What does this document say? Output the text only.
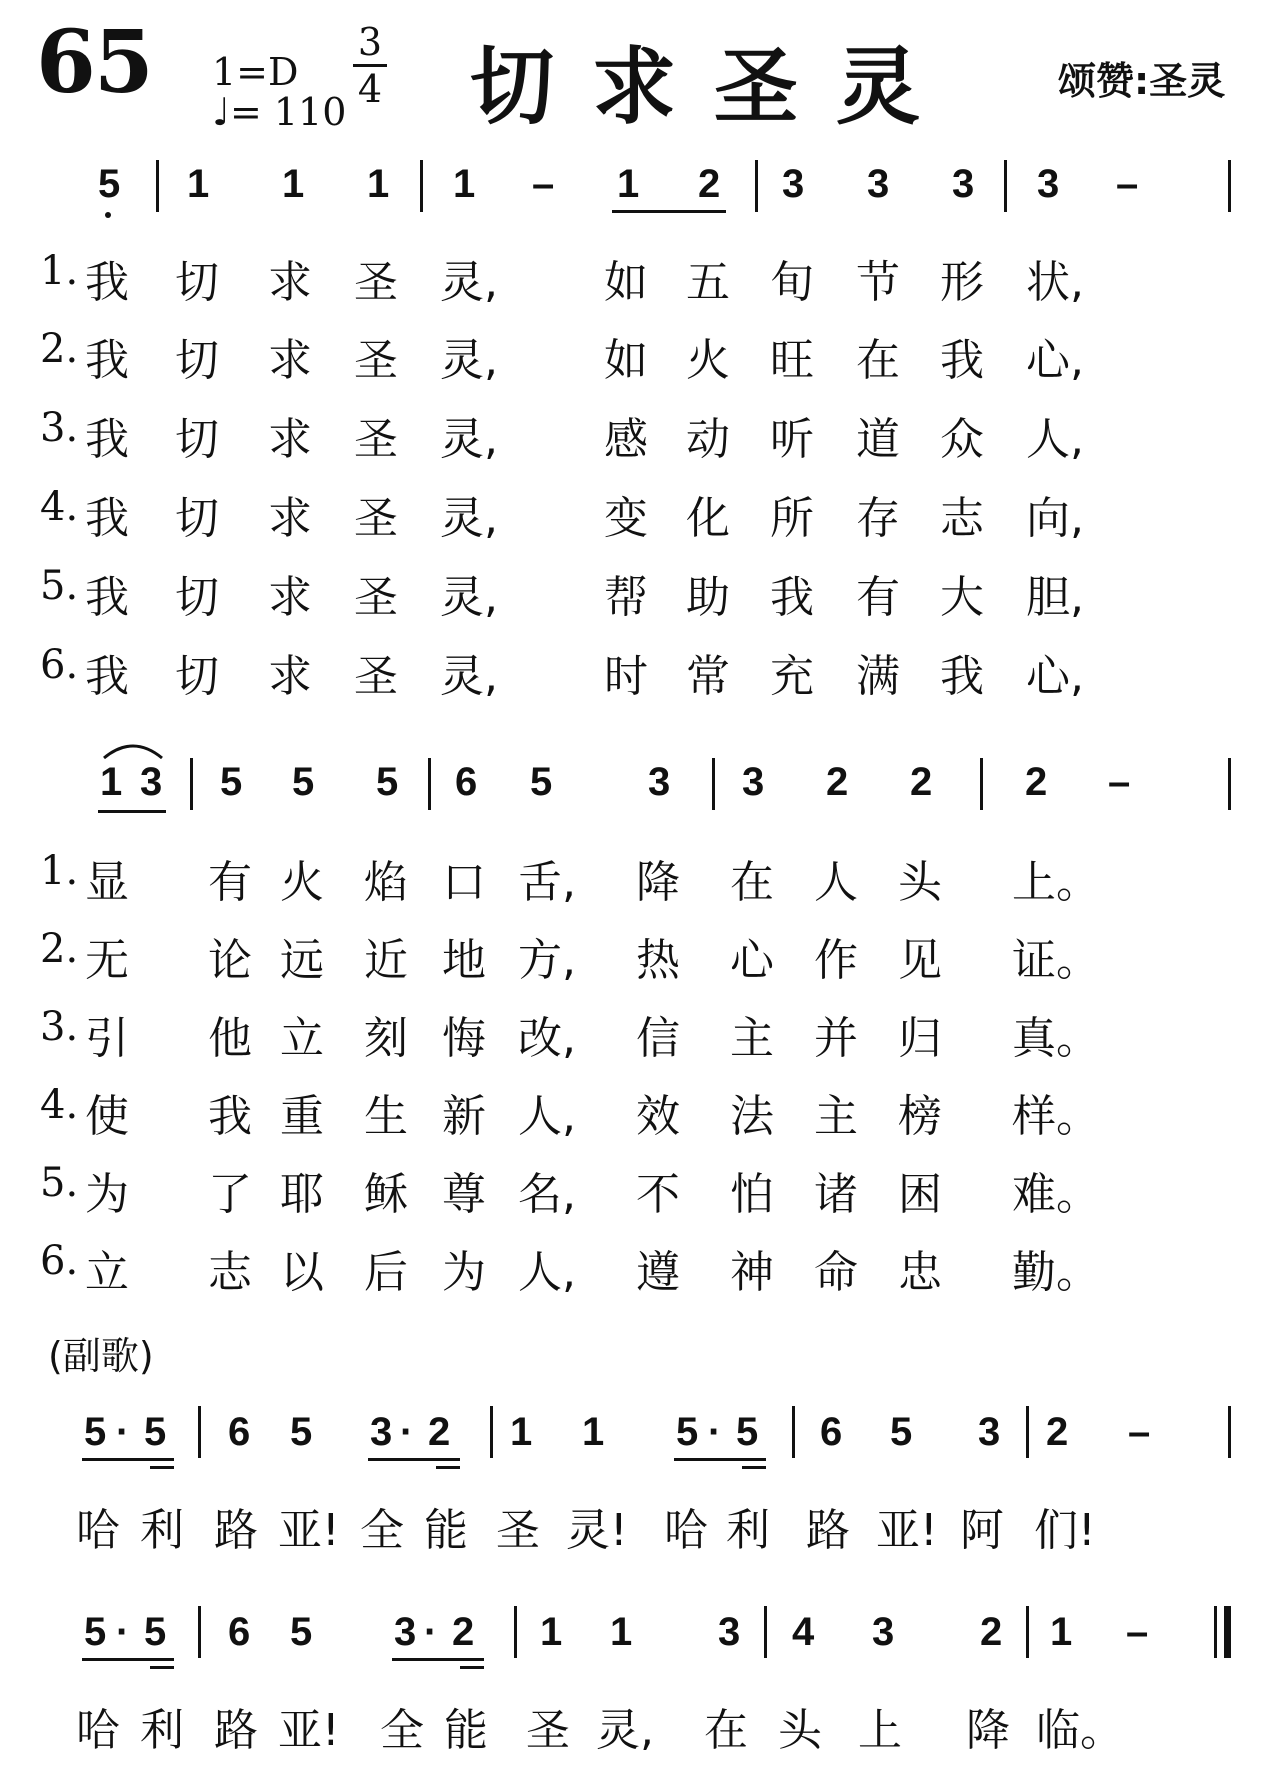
65 1=D
♩= 110
3
4 切求圣灵	颂赞:圣灵
5 1 1 1 1 – 1 2 3 3 3 3 –
1. 我 切 求 圣 灵, 如 五 旬 节 形 状,
2. 我 切 求 圣 灵, 如 火 旺 在 我 心,
3. 我 切 求 圣 灵, 感 动 听 道 众 人,
4. 我 切 求 圣 灵, 变 化 所 存 志 向,
5. 我 切 求 圣 灵, 帮 助 我 有 大 胆,
6. 我 切 求 圣 灵, 时 常 充 满 我 心,
1 3 5 5 5 6 5 3 3 2 2 2 –
1. 显 有 火 焰 口 舌, 降 在 人 头 上。
2. 无 论 远 近 地 方, 热 心 作 见 证。
3. 引 他 立 刻 悔 改, 信 主 并 归 真。
4. 使 我 重 生 新 人, 效 法 主 榜 样。
5. 为 了 耶 稣 尊 名, 不 怕 诸 困 难。
6. 立 志 以 后 为 人, 遵 神 命 忠 勤。
(副歌)
5 · 5 6 5 3 · 2 1 1 5 · 5 6 5 3 2 –
哈 利 路 亚! 全 能 圣 灵! 哈 利 路 亚! 阿 们!
5 · 5 6 5 3 · 2 1 1 3 4 3 2 1 –
哈 利 路 亚! 全 能 圣 灵, 在 头 上 降 临。
